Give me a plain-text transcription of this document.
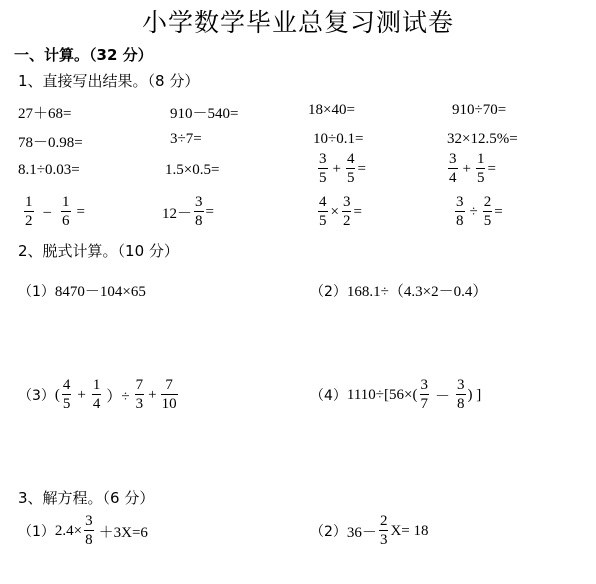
小学数学毕业总复习测试卷
一、计算。（32 分）
1、直接写出结果。（8 分）
27＋68=	910－540=	18×40=	910÷70=
78－0.98=	3÷7=	10÷0.1=	32×12.5%=
8.1÷0.03=	1.5×0.5=	$\frac{3}{5} + \frac{4}{5}$ =	$\frac{3}{4} + \frac{1}{5}$ =
$\frac{1}{2} - \frac{1}{6}$ =	$12- \frac{3}{8}$ =	$\frac{4}{5} \times \frac{3}{2}$ =	$\frac{3}{8} \div \frac{2}{5}$ =
2、脱式计算。（10 分）
（1） 8470－104×65	（2） 168.1÷（4.3×2－0.4）
（3） ( $\frac{4}{5} + \frac{1}{4}$ ）÷ $\frac{7}{3} + \frac{7}{10}$	（4） $1110\div[56\times( \frac{3}{7} - \frac{3}{8}$ ) ]
3、解方程。（6 分）
（1） $2.4\times \frac{3}{8} +3X=6$	（2） $36- \frac{2}{3} X= 18$
